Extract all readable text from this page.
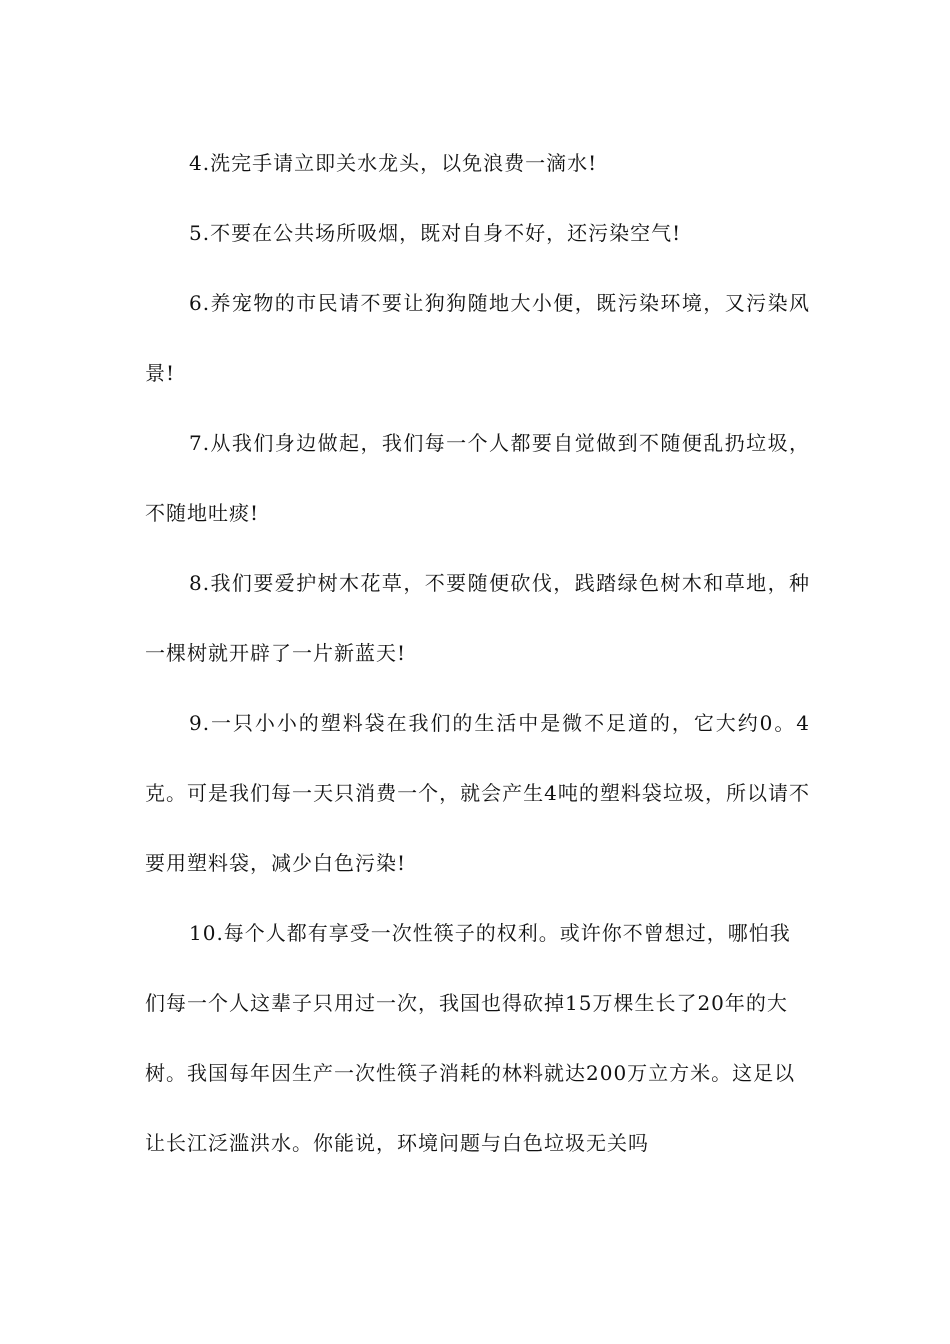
4.洗完手请立即关水龙头，以免浪费一滴水!

5.不要在公共场所吸烟，既对自身不好，还污染空气!

6.养宠物的市民请不要让狗狗随地大小便，既污染环境，又污染风景!

7.从我们身边做起，我们每一个人都要自觉做到不随便乱扔垃圾，不随地吐痰!

8.我们要爱护树木花草，不要随便砍伐，践踏绿色树木和草地，种一棵树就开辟了一片新蓝天!

9.一只小小的塑料袋在我们的生活中是微不足道的，它大约0。4克。可是我们每一天只消费一个，就会产生4吨的塑料袋垃圾，所以请不要用塑料袋，减少白色污染!

10.每个人都有享受一次性筷子的权利。或许你不曾想过，哪怕我们每一个人这辈子只用过一次，我国也得砍掉15万棵生长了20年的大树。我国每年因生产一次性筷子消耗的林料就达200万立方米。这足以让长江泛滥洪水。你能说，环境问题与白色垃圾无关吗
